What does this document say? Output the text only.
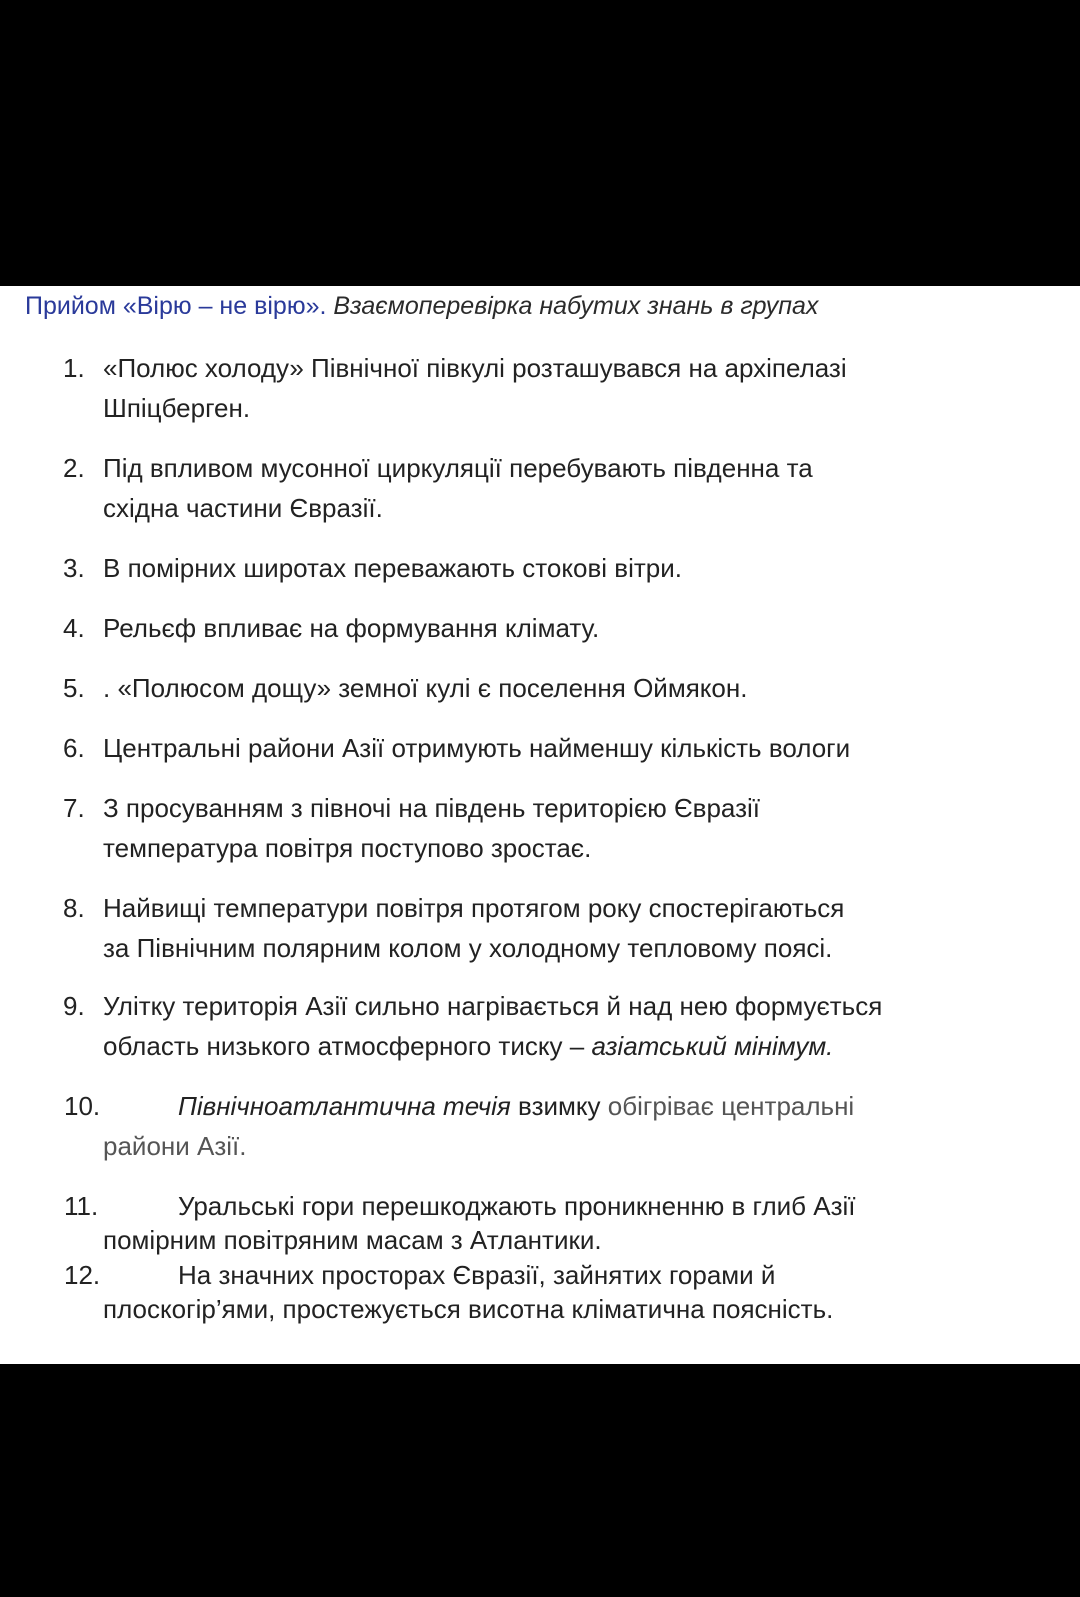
Прийом «Вірю – не вірю». Взаємоперевірка набутих знань в групах
1. «Полюс холоду» Північної півкулі розташувався на архіпелазі
Шпіцберген.
2. Під впливом мусонної циркуляції перебувають південна та
східна частини Євразії.
3. В помірних широтах переважають стокові вітри.
4. Рельєф впливає на формування клімату.
5. . «Полюсом дощу» земної кулі є поселення Оймякон.
6. Центральні райони Азії отримують найменшу кількість вологи
7. З просуванням з півночі на південь територією Євразії
температура повітря поступово зростає.
8. Найвищі температури повітря протягом року спостерігаються
за Північним полярним колом у холодному тепловому поясі.
9. Улітку територія Азії сильно нагрівається й над нею формується
область низького атмосферного тиску – азіатський мінімум.
10.	Північноатлантична течія взимку обігріває центральні
райони Азії.
11.	Уральські гори перешкоджають проникненню в глиб Азії
помірним повітряним масам з Атлантики.
12.	На значних просторах Євразії, зайнятих горами й
плоскогір’ями, простежується висотна кліматична поясність.
